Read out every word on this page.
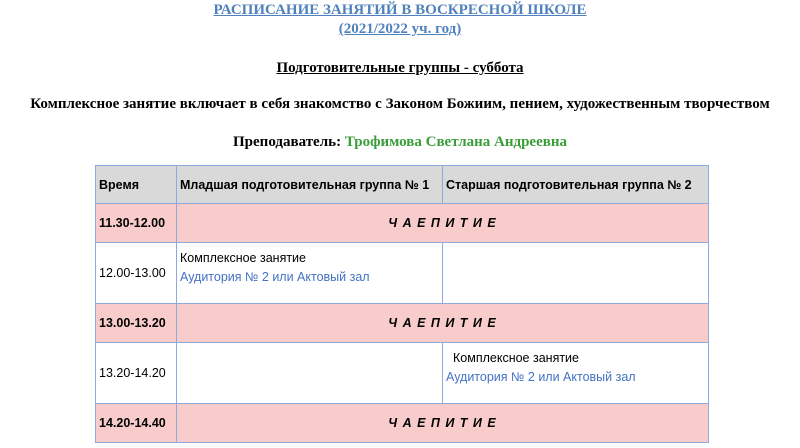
РАСПИСАНИЕ ЗАНЯТИЙ В ВОСКРЕСНОЙ ШКОЛЕ
(2021/2022 уч. год)
Подготовительные группы - суббота
Комплексное занятие включает в себя знакомство с Законом Божиим, пением, художественным творчеством
Преподаватель: Трофимова Светлана Андреевна
Время	Младшая подготовительная группа № 1	Старшая подготовительная группа № 2
11.30-12.00	Ч А Е П И Т И Е	
12.00-13.00	Комплексное занятие
Аудитория № 2 или Актовый зал	

13.00-13.20	Ч А Е П И Т И Е	
13.20-14.20		Комплексное занятие
Аудитория № 2 или Актовый зал

14.20-14.40	Ч А Е П И Т И Е	
